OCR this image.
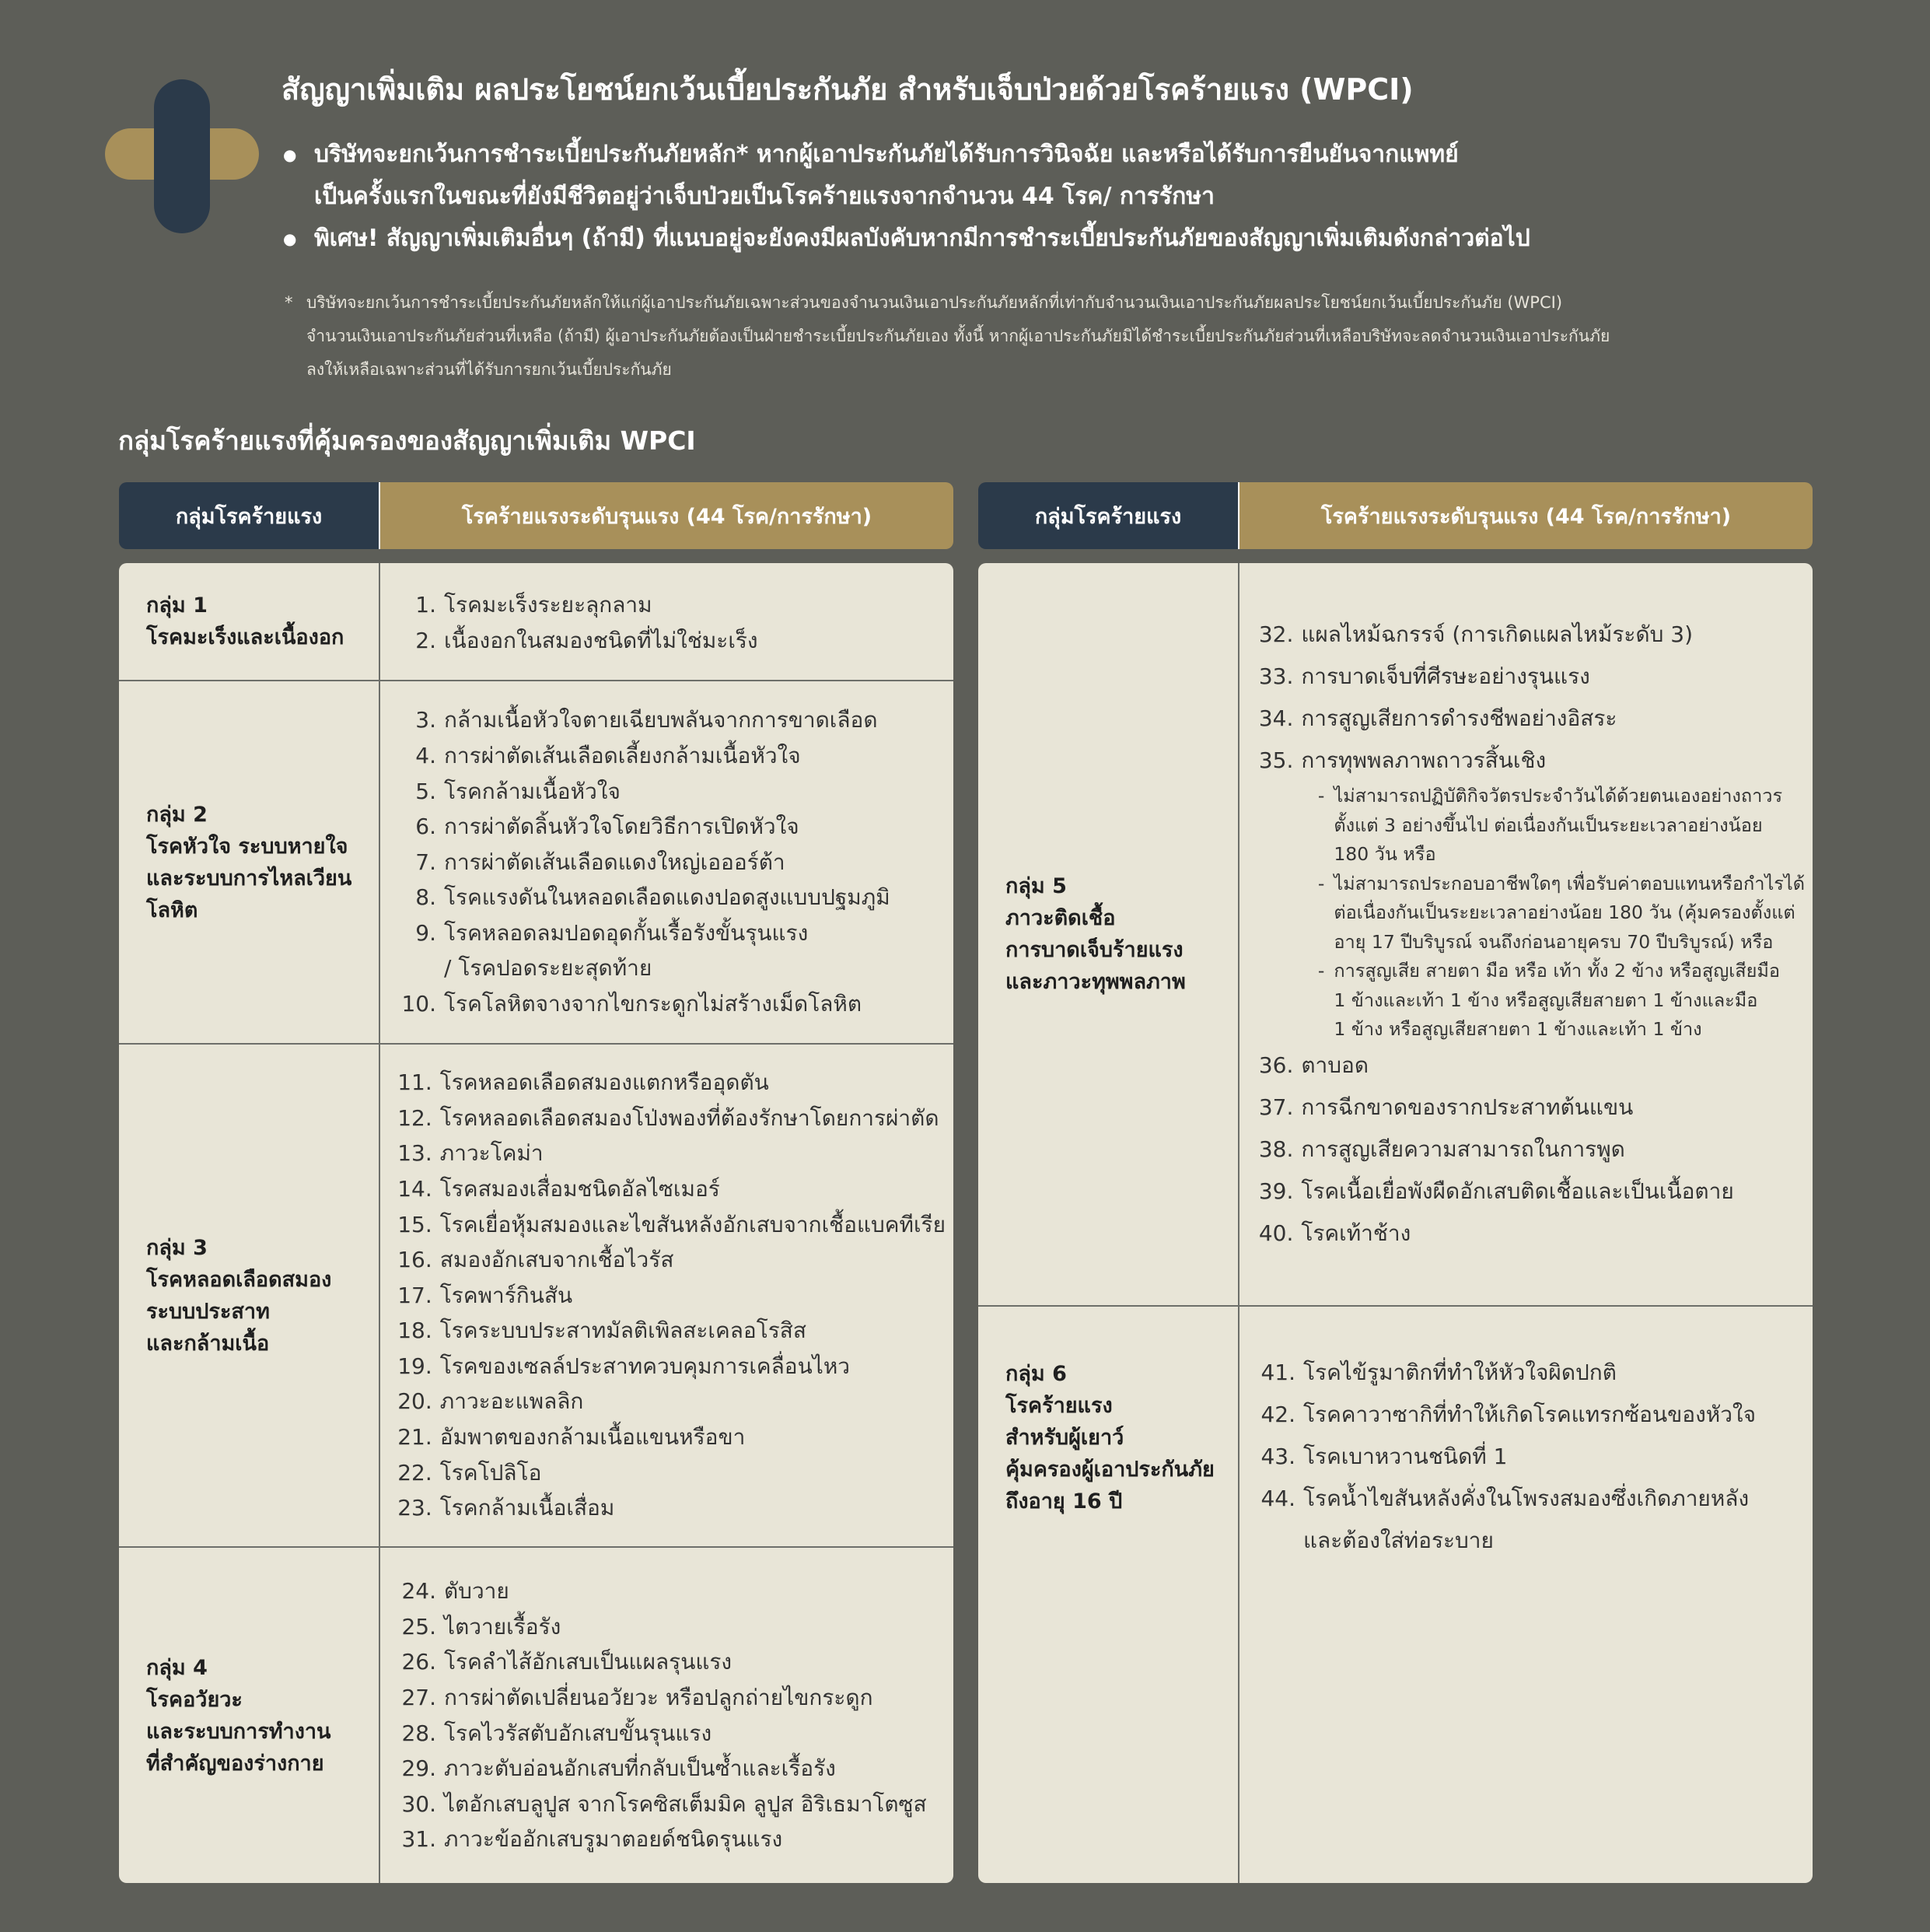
สัญญาเพิ่มเติม ผลประโยชน์ยกเว้นเบี้ยประกันภัย สำหรับเจ็บป่วยด้วยโรคร้ายแรง (WPCI)

● บริษัทจะยกเว้นการชำระเบี้ยประกันภัยหลัก* หากผู้เอาประกันภัยได้รับการวินิจฉัย และหรือได้รับการยืนยันจากแพทย์

เป็นครั้งแรกในขณะที่ยังมีชีวิตอยู่ว่าเจ็บป่วยเป็นโรคร้ายแรงจากจำนวน 44 โรค/ การรักษา

● พิเศษ! สัญญาเพิ่มเติมอื่นๆ (ถ้ามี) ที่แนบอยู่จะยังคงมีผลบังคับหากมีการชำระเบี้ยประกันภัยของสัญญาเพิ่มเติมดังกล่าวต่อไป

* บริษัทจะยกเว้นการชำระเบี้ยประกันภัยหลักให้แก่ผู้เอาประกันภัยเฉพาะส่วนของจำนวนเงินเอาประกันภัยหลักที่เท่ากับจำนวนเงินเอาประกันภัยผลประโยชน์ยกเว้นเบี้ยประกันภัย (WPCI)

จำนวนเงินเอาประกันภัยส่วนที่เหลือ (ถ้ามี) ผู้เอาประกันภัยต้องเป็นฝ่ายชำระเบี้ยประกันภัยเอง ทั้งนี้ หากผู้เอาประกันภัยมิได้ชำระเบี้ยประกันภัยส่วนที่เหลือบริษัทจะลดจำนวนเงินเอาประกันภัย

ลงให้เหลือเฉพาะส่วนที่ได้รับการยกเว้นเบี้ยประกันภัย

กลุ่มโรคร้ายแรงที่คุ้มครองของสัญญาเพิ่มเติม WPCI
กลุ่มโรคร้ายแรง	โรคร้ายแรงระดับรุนแรง (44 โรค/การรักษา)
กลุ่ม 1
โรคมะเร็งและเนื้องอก
1. โรคมะเร็งระยะลุกลาม
2. เนื้องอกในสมองชนิดที่ไม่ใช่มะเร็ง
กลุ่ม 2
โรคหัวใจ ระบบหายใจ
และระบบการไหลเวียน
โลหิต
3. กล้ามเนื้อหัวใจตายเฉียบพลันจากการขาดเลือด
4. การผ่าตัดเส้นเลือดเลี้ยงกล้ามเนื้อหัวใจ
5. โรคกล้ามเนื้อหัวใจ
6. การผ่าตัดลิ้นหัวใจโดยวิธีการเปิดหัวใจ
7. การผ่าตัดเส้นเลือดแดงใหญ่เอออร์ต้า
8. โรคแรงดันในหลอดเลือดแดงปอดสูงแบบปฐมภูมิ
9. โรคหลอดลมปอดอุดกั้นเรื้อรังขั้นรุนแรง
/ โรคปอดระยะสุดท้าย
10. โรคโลหิตจางจากไขกระดูกไม่สร้างเม็ดโลหิต
กลุ่ม 3
โรคหลอดเลือดสมอง
ระบบประสาท
และกล้ามเนื้อ
11. โรคหลอดเลือดสมองแตกหรืออุดตัน
12. โรคหลอดเลือดสมองโป่งพองที่ต้องรักษาโดยการผ่าตัด
13. ภาวะโคม่า
14. โรคสมองเสื่อมชนิดอัลไซเมอร์
15. โรคเยื่อหุ้มสมองและไขสันหลังอักเสบจากเชื้อแบคทีเรีย
16. สมองอักเสบจากเชื้อไวรัส
17. โรคพาร์กินสัน
18. โรคระบบประสาทมัลติเพิลสะเคลอโรสิส
19. โรคของเซลล์ประสาทควบคุมการเคลื่อนไหว
20. ภาวะอะแพลลิก
21. อัมพาตของกล้ามเนื้อแขนหรือขา
22. โรคโปลิโอ
23. โรคกล้ามเนื้อเสื่อม
กลุ่ม 4
โรคอวัยวะ
และระบบการทำงาน
ที่สำคัญของร่างกาย
24. ตับวาย
25. ไตวายเรื้อรัง
26. โรคลำไส้อักเสบเป็นแผลรุนแรง
27. การผ่าตัดเปลี่ยนอวัยวะ หรือปลูกถ่ายไขกระดูก
28. โรคไวรัสตับอักเสบขั้นรุนแรง
29. ภาวะตับอ่อนอักเสบที่กลับเป็นซ้ำและเรื้อรัง
30. ไตอักเสบลูปูส จากโรคซิสเต็มมิค ลูปูส อิริเธมาโตซูส
31. ภาวะข้ออักเสบรูมาตอยด์ชนิดรุนแรง
กลุ่มโรคร้ายแรง	โรคร้ายแรงระดับรุนแรง (44 โรค/การรักษา)
กลุ่ม 5
ภาวะติดเชื้อ
การบาดเจ็บร้ายแรง
และภาวะทุพพลภาพ
32. แผลไหม้ฉกรรจ์ (การเกิดแผลไหม้ระดับ 3)
33. การบาดเจ็บที่ศีรษะอย่างรุนแรง
34. การสูญเสียการดำรงชีพอย่างอิสระ
35. การทุพพลภาพถาวรสิ้นเชิง
- ไม่สามารถปฏิบัติกิจวัตรประจำวันได้ด้วยตนเองอย่างถาวร

ตั้งแต่ 3 อย่างขึ้นไป ต่อเนื่องกันเป็นระยะเวลาอย่างน้อย

180 วัน หรือ

- ไม่สามารถประกอบอาชีพใดๆ เพื่อรับค่าตอบแทนหรือกำไรได้

ต่อเนื่องกันเป็นระยะเวลาอย่างน้อย 180 วัน (คุ้มครองตั้งแต่

อายุ 17 ปีบริบูรณ์ จนถึงก่อนอายุครบ 70 ปีบริบูรณ์) หรือ

- การสูญเสีย สายตา มือ หรือ เท้า ทั้ง 2 ข้าง หรือสูญเสียมือ

1 ข้างและเท้า 1 ข้าง หรือสูญเสียสายตา 1 ข้างและมือ

1 ข้าง หรือสูญเสียสายตา 1 ข้างและเท้า 1 ข้าง

36. ตาบอด
37. การฉีกขาดของรากประสาทต้นแขน
38. การสูญเสียความสามารถในการพูด
39. โรคเนื้อเยื่อพังผืดอักเสบติดเชื้อและเป็นเนื้อตาย
40. โรคเท้าช้าง
กลุ่ม 6
โรคร้ายแรง
สำหรับผู้เยาว์
คุ้มครองผู้เอาประกันภัย
ถึงอายุ 16 ปี
41. โรคไข้รูมาติกที่ทำให้หัวใจผิดปกติ
42. โรคคาวาซากิที่ทำให้เกิดโรคแทรกซ้อนของหัวใจ
43. โรคเบาหวานชนิดที่ 1
44. โรคน้ำไขสันหลังคั่งในโพรงสมองซึ่งเกิดภายหลัง
และต้องใส่ท่อระบาย
